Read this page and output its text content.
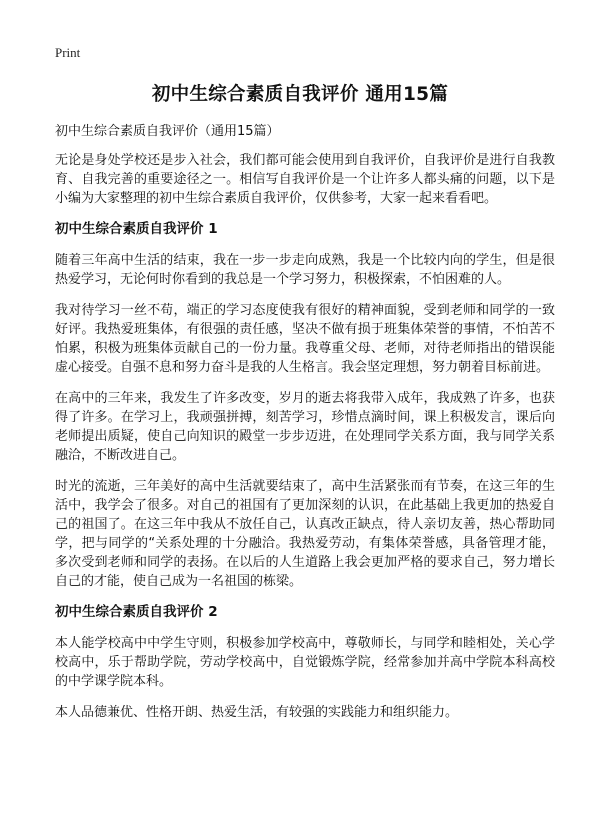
Print
初中生综合素质自我评价 通用15篇

初中生综合素质自我评价（通用15篇）

无论是身处学校还是步入社会，我们都可能会使用到自我评价，自我评价是进行自我教育、自我完善的重要途径之一。相信写自我评价是一个让许多人都头痛的问题，以下是小编为大家整理的初中生综合素质自我评价，仅供参考，大家一起来看看吧。

初中生综合素质自我评价 1

随着三年高中生活的结束，我在一步一步走向成熟，我是一个比较内向的学生，但是很热爱学习，无论何时你看到的我总是一个学习努力，积极探索，不怕困难的人。

我对待学习一丝不苟，端正的学习态度使我有很好的精神面貌，受到老师和同学的一致好评。我热爱班集体，有很强的责任感，坚决不做有损于班集体荣誉的事情，不怕苦不怕累，积极为班集体贡献自己的一份力量。我尊重父母、老师，对待老师指出的错误能虚心接受。自强不息和努力奋斗是我的人生格言。我会坚定理想，努力朝着目标前进。

在高中的三年来，我发生了许多改变，岁月的逝去将我带入成年，我成熟了许多，也获得了许多。在学习上，我顽强拼搏，刻苦学习，珍惜点滴时间，课上积极发言，课后向老师提出质疑，使自己向知识的殿堂一步步迈进，在处理同学关系方面，我与同学关系融洽，不断改进自己。

时光的流逝，三年美好的高中生活就要结束了，高中生活紧张而有节奏，在这三年的生活中，我学会了很多。对自己的祖国有了更加深刻的认识，在此基础上我更加的热爱自己的祖国了。在这三年中我从不放任自己，认真改正缺点，待人亲切友善，热心帮助同学，把与同学的“关系处理的十分融洽。我热爱劳动，有集体荣誉感，具备管理才能，多次受到老师和同学的表扬。在以后的人生道路上我会更加严格的要求自己，努力增长自己的才能，使自己成为一名祖国的栋梁。

初中生综合素质自我评价 2

本人能学校高中中学生守则，积极参加学校高中，尊敬师长，与同学和睦相处，关心学校高中，乐于帮助学院，劳动学校高中，自觉锻炼学院，经常参加并高中学院本科高校的中学课学院本科。

本人品德兼优、性格开朗、热爱生活，有较强的实践能力和组织能力。
